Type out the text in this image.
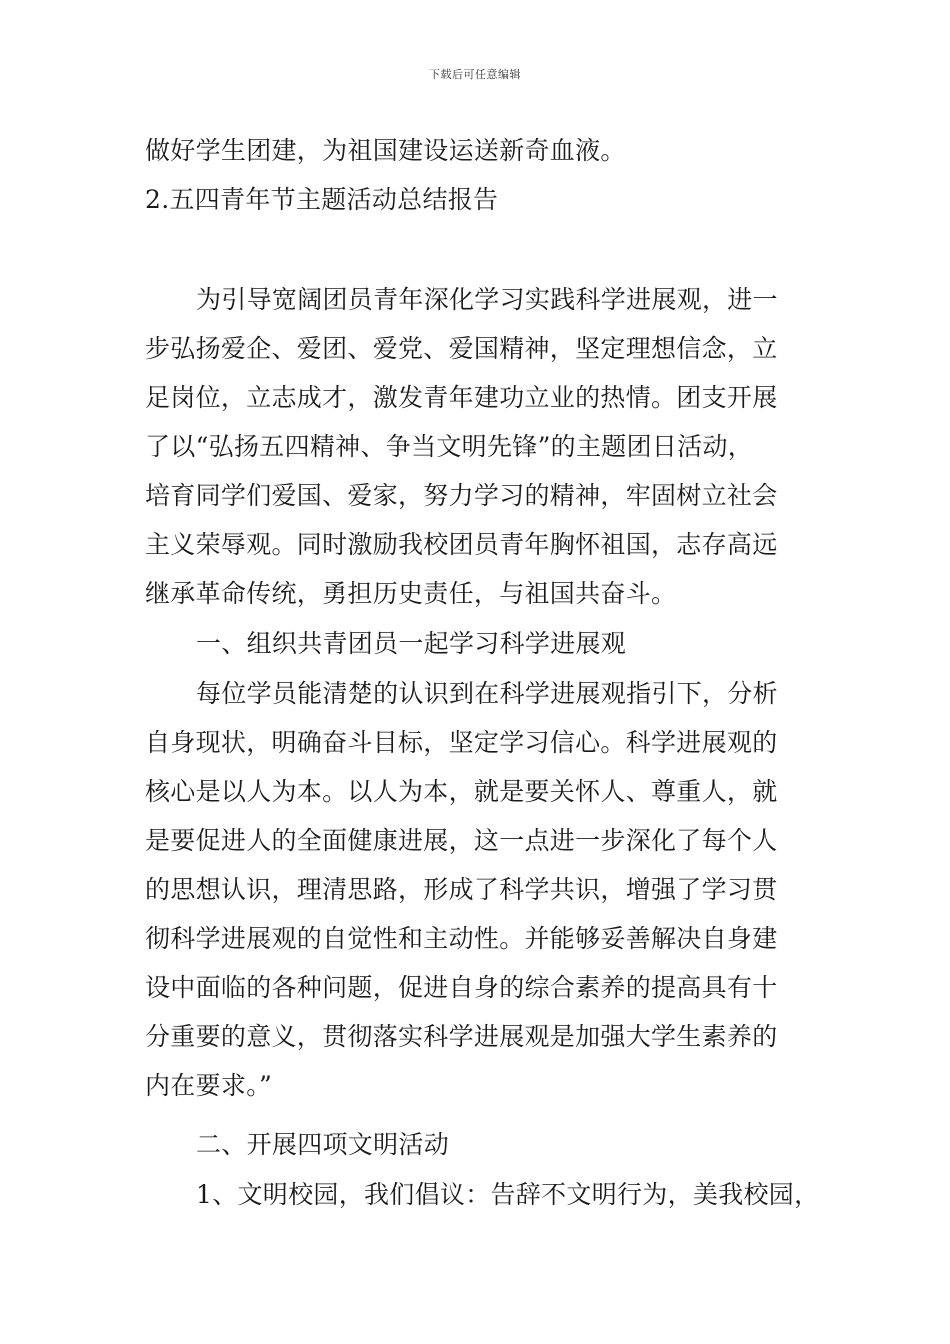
下载后可任意编辑
做好学生团建，为祖国建设运送新奇血液。
2.五四青年节主题活动总结报告
为引导宽阔团员青年深化学习实践科学进展观，进一
步弘扬爱企、爱团、爱党、爱国精神，坚定理想信念，立
足岗位，立志成才，激发青年建功立业的热情。团支开展
了以“弘扬五四精神、争当文明先锋”的主题团日活动，
培育同学们爱国、爱家，努力学习的精神，牢固树立社会
主义荣辱观。同时激励我校团员青年胸怀祖国，志存高远
继承革命传统，勇担历史责任，与祖国共奋斗。
一、组织共青团员一起学习科学进展观
每位学员能清楚的认识到在科学进展观指引下，分析
自身现状，明确奋斗目标，坚定学习信心。科学进展观的
核心是以人为本。以人为本，就是要关怀人、尊重人，就
是要促进人的全面健康进展，这一点进一步深化了每个人
的思想认识，理清思路，形成了科学共识，增强了学习贯
彻科学进展观的自觉性和主动性。并能够妥善解决自身建
设中面临的各种问题，促进自身的综合素养的提高具有十
分重要的意义，贯彻落实科学进展观是加强大学生素养的
内在要求。”
二、开展四项文明活动
1、文明校园，我们倡议：告辞不文明行为，美我校园，
